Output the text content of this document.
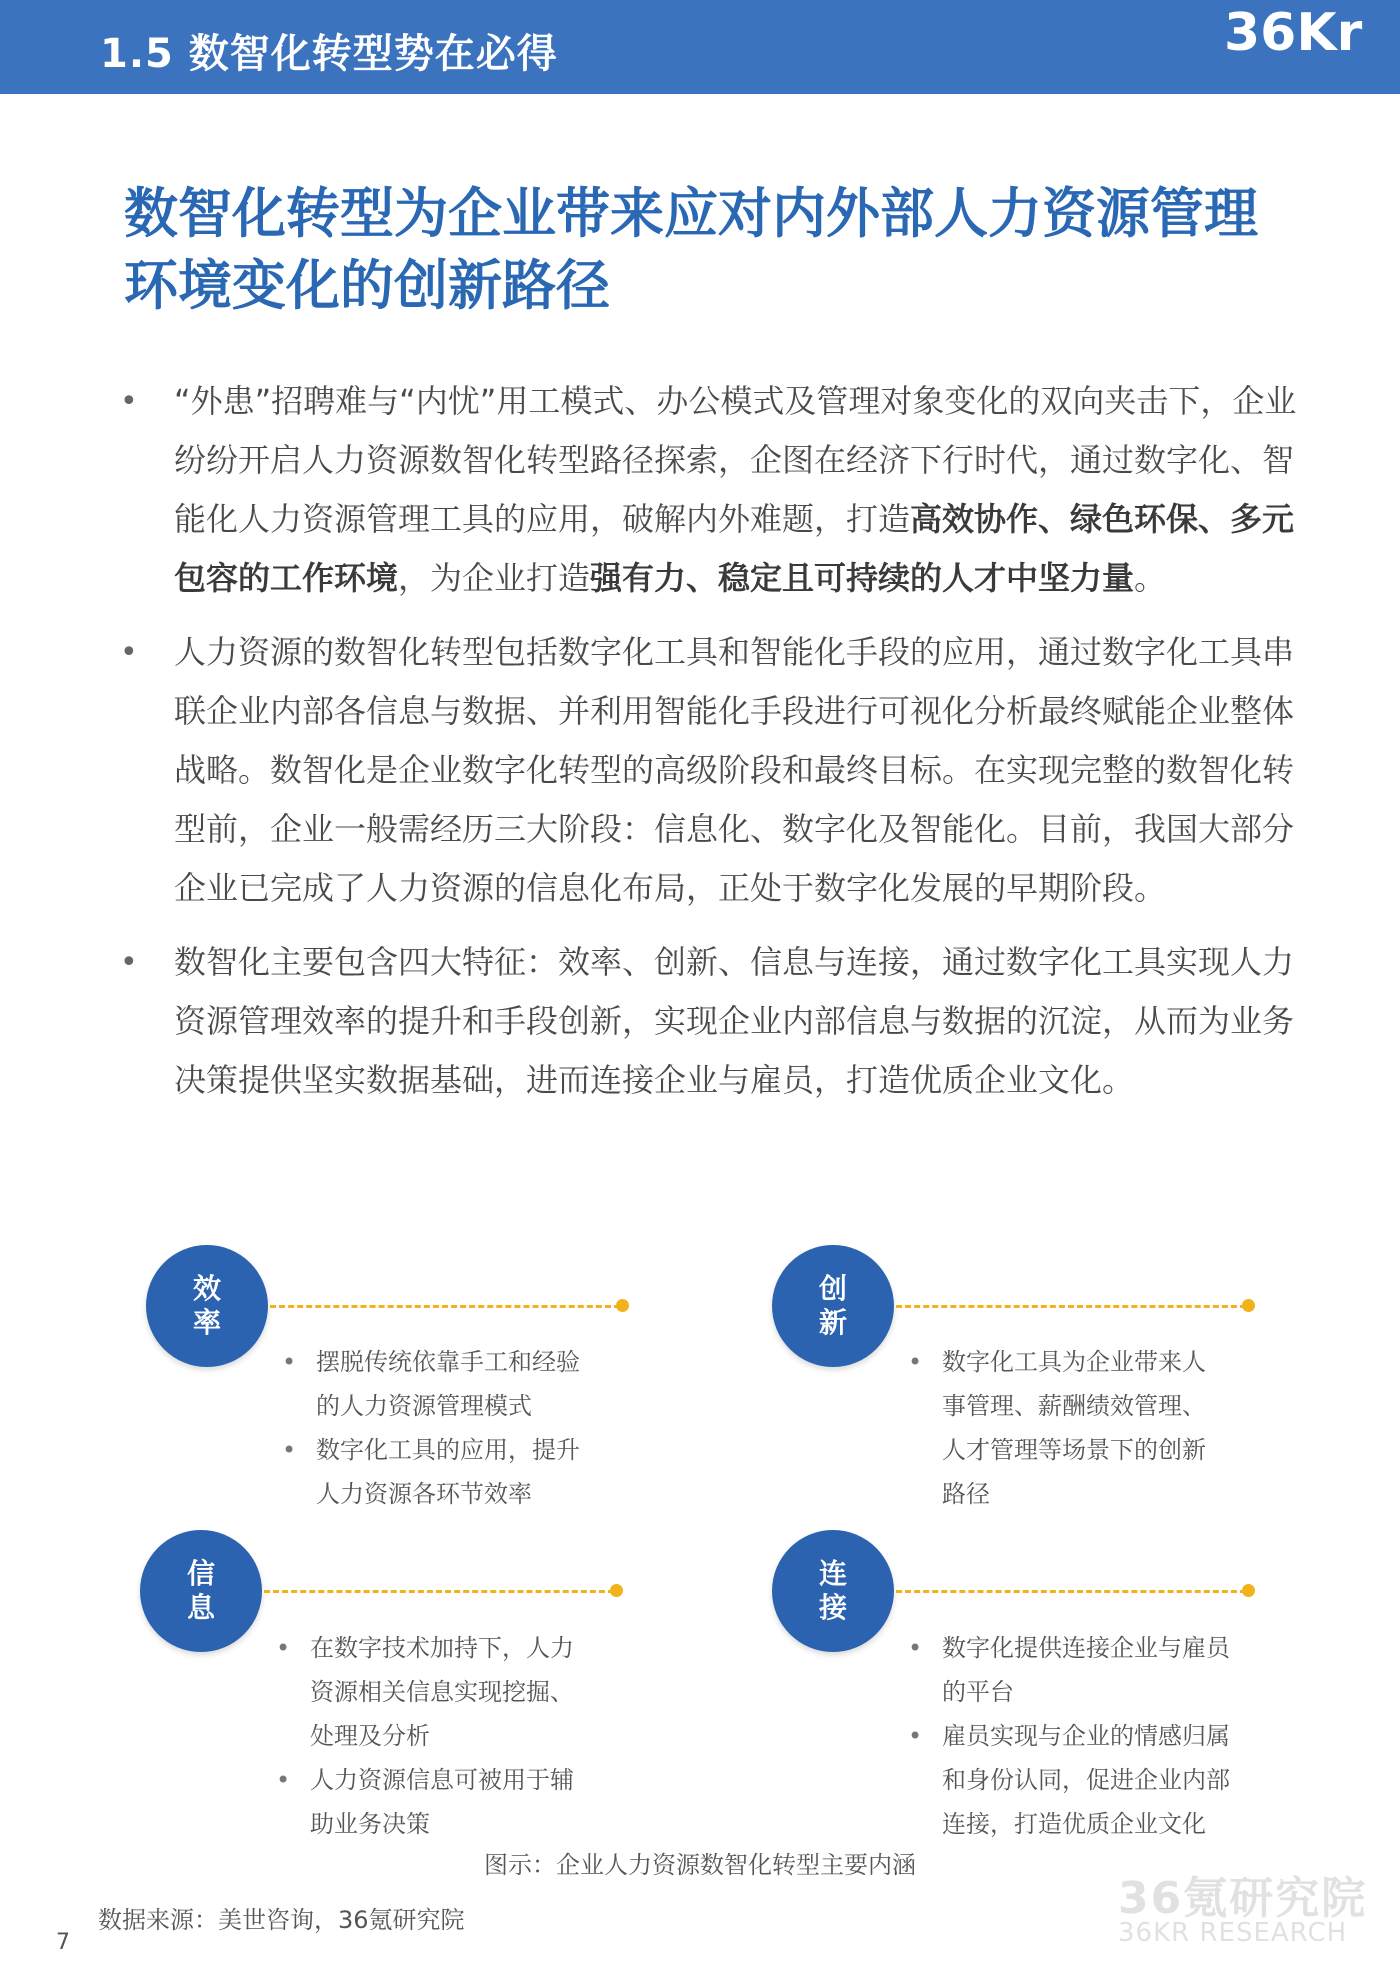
1.5 数智化转型势在必得	36Kr
数智化转型为企业带来应对内外部人力资源管理
环境变化的创新路径
• “外患”招聘难与“内忧”用工模式、办公模式及管理对象变化的双向夹击下，企业纷纷开启人力资源数智化转型路径探索，企图在经济下行时代，通过数字化、智能化人力资源管理工具的应用，破解内外难题，打造高效协作、绿色环保、多元包容的工作环境，为企业打造强有力、稳定且可持续的人才中坚力量。
• 人力资源的数智化转型包括数字化工具和智能化手段的应用，通过数字化工具串联企业内部各信息与数据、并利用智能化手段进行可视化分析最终赋能企业整体战略。数智化是企业数字化转型的高级阶段和最终目标。在实现完整的数智化转型前，企业一般需经历三大阶段：信息化、数字化及智能化。目前，我国大部分企业已完成了人力资源的信息化布局，正处于数字化发展的早期阶段。
• 数智化主要包含四大特征：效率、创新、信息与连接，通过数字化工具实现人力资源管理效率的提升和手段创新，实现企业内部信息与数据的沉淀，从而为业务决策提供坚实数据基础，进而连接企业与雇员，打造优质企业文化。
效
率
• 摆脱传统依靠手工和经验
的人力资源管理模式
• 数字化工具的应用，提升
人力资源各环节效率
创
新
• 数字化工具为企业带来人
事管理、薪酬绩效管理、
人才管理等场景下的创新
路径
信
息
• 在数字技术加持下，人力
资源相关信息实现挖掘、
处理及分析
• 人力资源信息可被用于辅
助业务决策
连
接
• 数字化提供连接企业与雇员
的平台
• 雇员实现与企业的情感归属
和身份认同，促进企业内部
连接，打造优质企业文化
图示：企业人力资源数智化转型主要内涵
数据来源：美世咨询，36氪研究院
7
36氪研究院
36KR RESEARCH
